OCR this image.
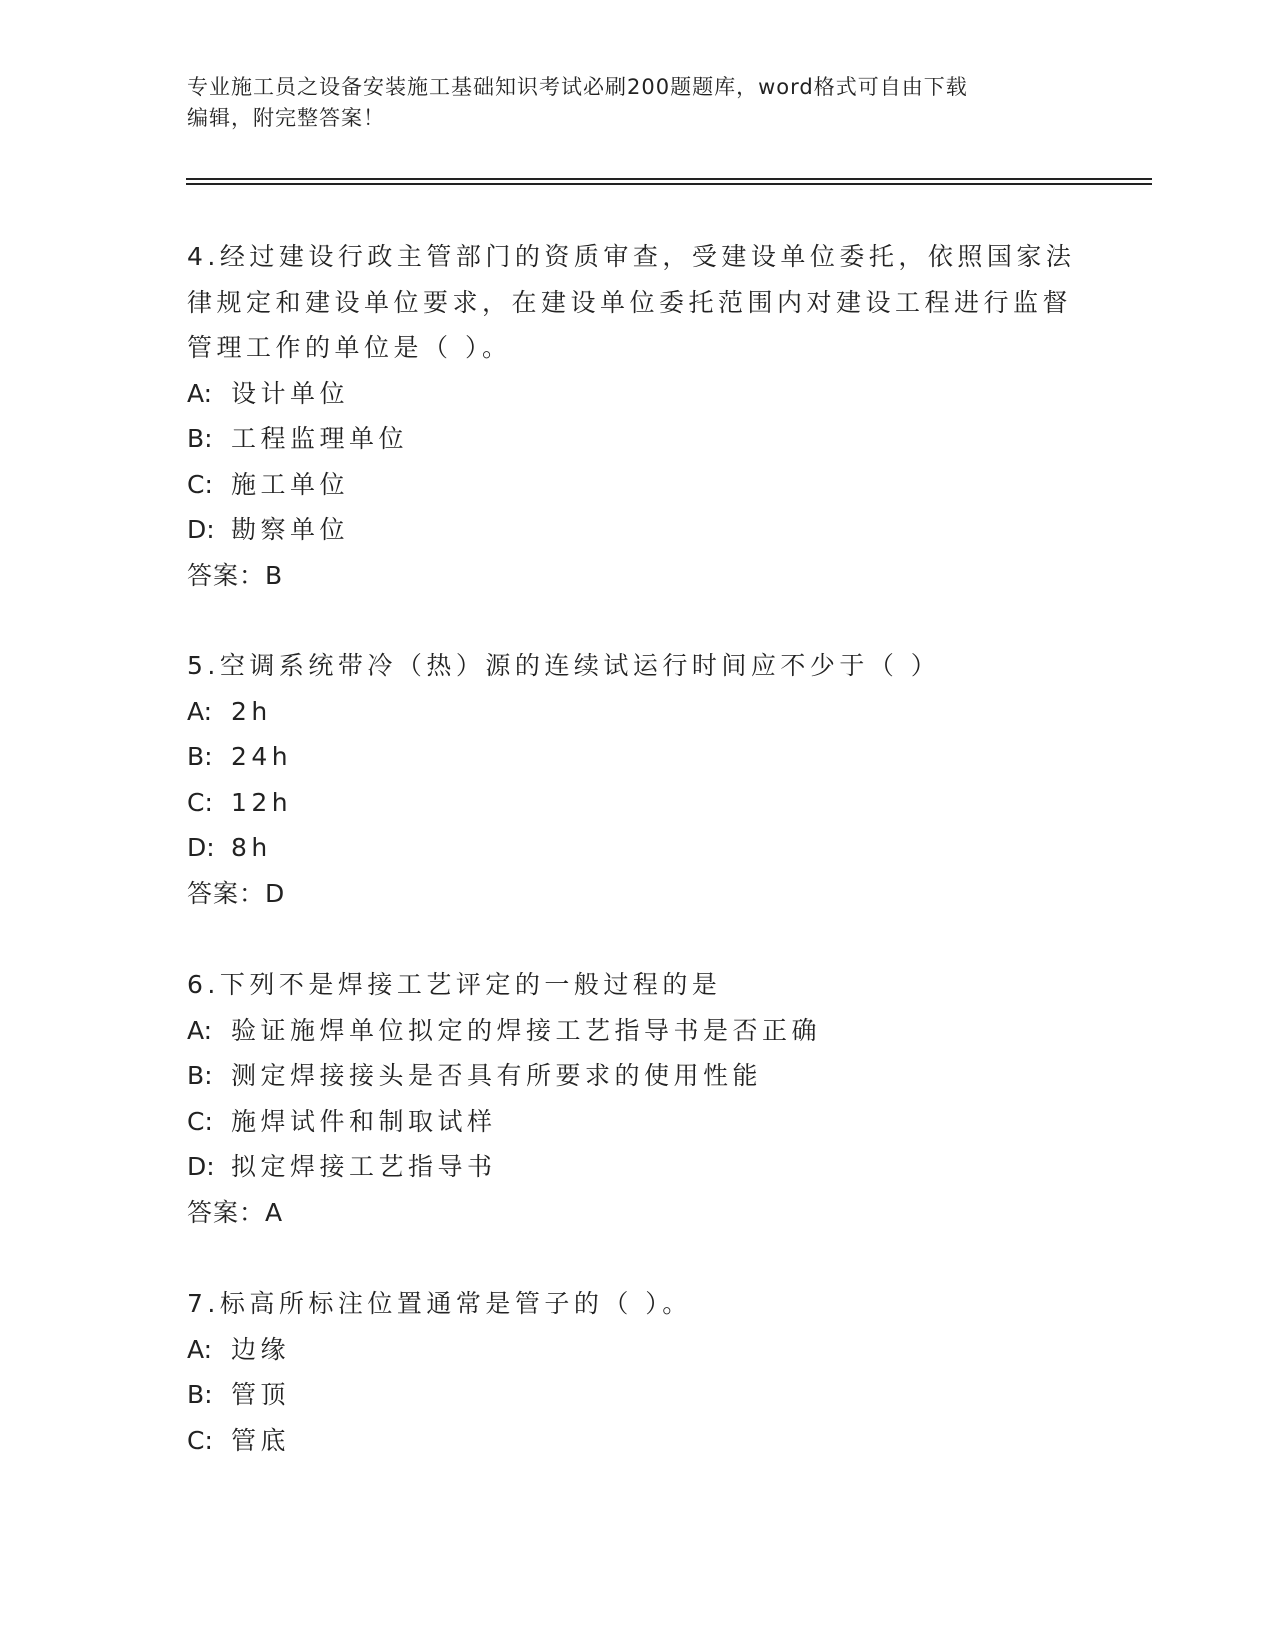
专业施工员之设备安装施工基础知识考试必刷200题题库，word格式可自由下载
编辑，附完整答案！

4.经过建设行政主管部门的资质审查，受建设单位委托，依照国家法

律规定和建设单位要求，在建设单位委托范围内对建设工程进行监督

管理工作的单位是（ ）。

A: 设计单位

B: 工程监理单位

C: 施工单位

D: 勘察单位

答案：B

5.空调系统带冷（热）源的连续试运行时间应不少于（ ）

A: 2h

B: 24h

C: 12h

D: 8h

答案：D

6.下列不是焊接工艺评定的一般过程的是

A: 验证施焊单位拟定的焊接工艺指导书是否正确

B: 测定焊接接头是否具有所要求的使用性能

C: 施焊试件和制取试样

D: 拟定焊接工艺指导书

答案：A

7.标高所标注位置通常是管子的（ ）。

A: 边缘

B: 管顶

C: 管底
